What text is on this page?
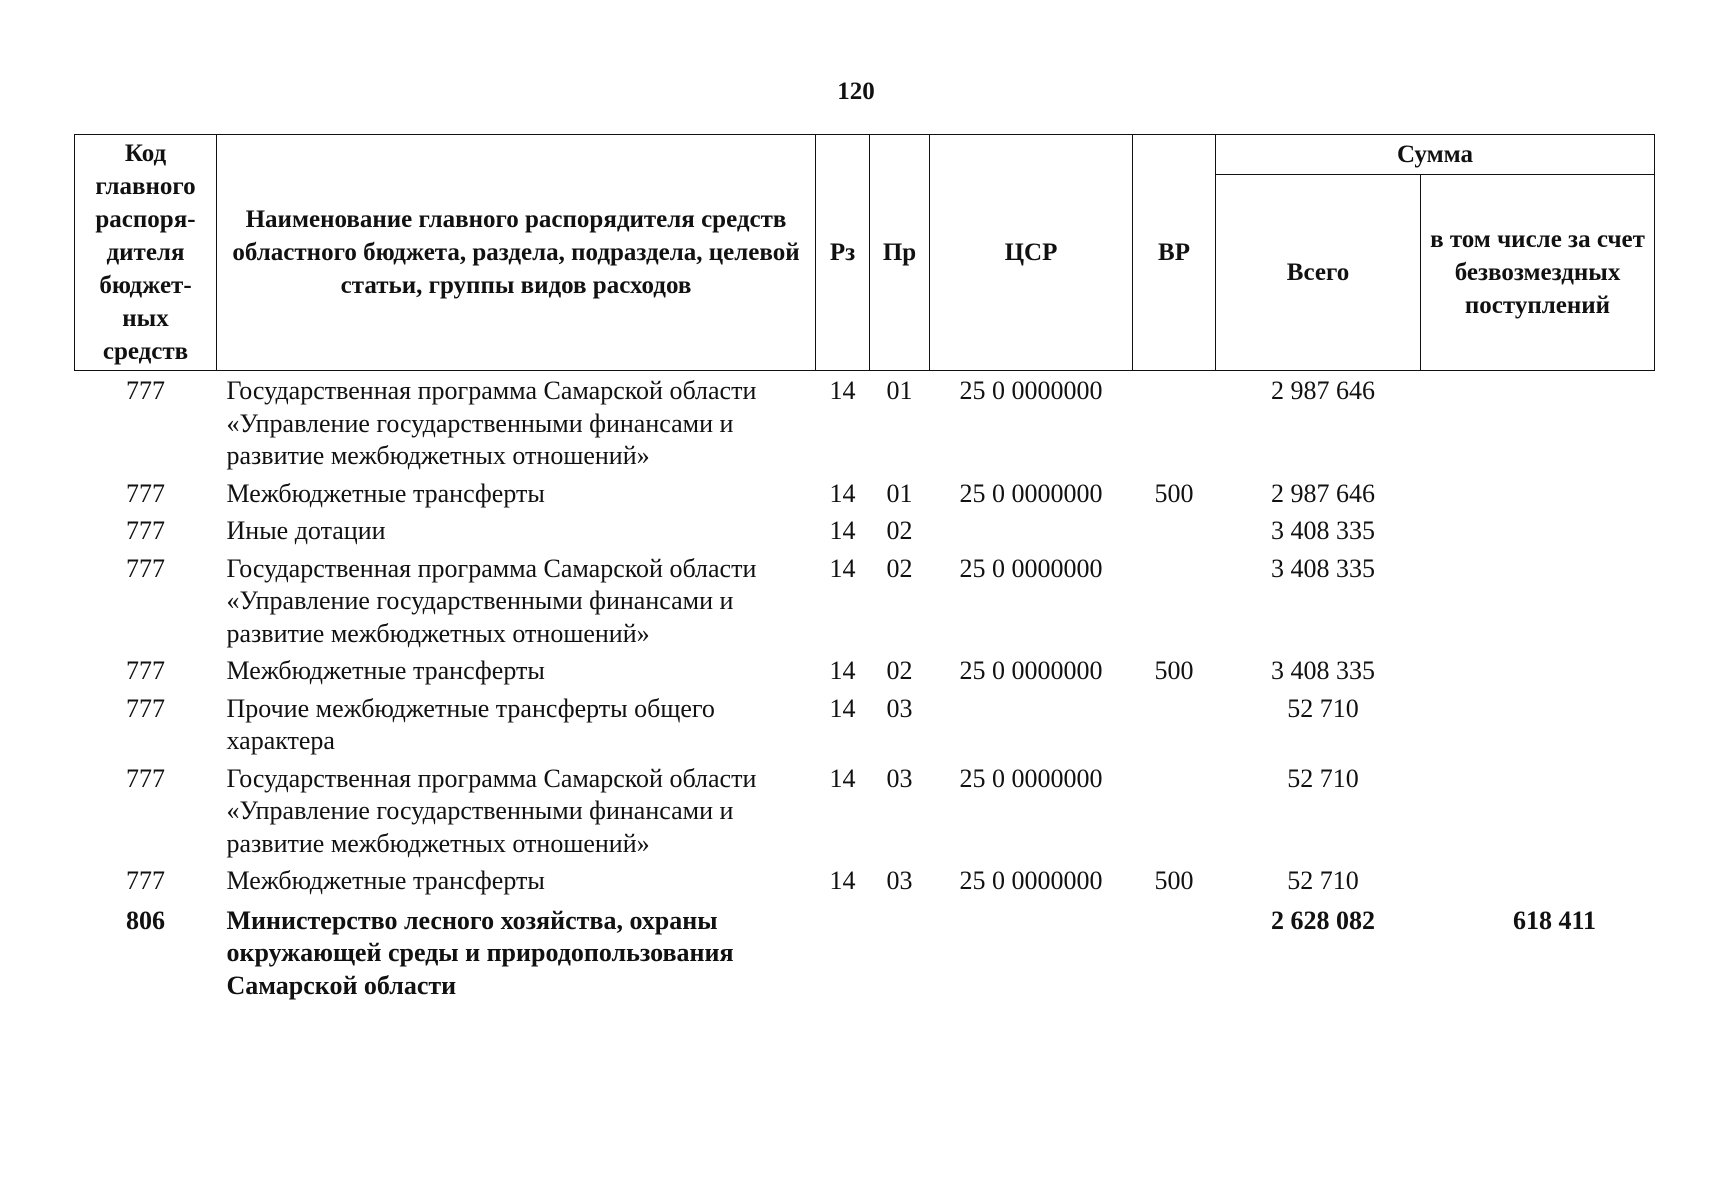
120
Код главного распоря-дителя бюджет-ных средств	Наименование главного распорядителя средств областного бюджета, раздела, подраздела, целевой статьи, группы видов расходов	Рз	Пр	ЦСР	ВР	Сумма	
						Всего	в том числе за счет безвозмездных поступлений
777	Государственная программа Самарской области «Управление государственными финансами и развитие межбюджетных отношений»	14	01	25 0 0000000		2 987 646	
777	Межбюджетные трансферты	14	01	25 0 0000000	500	2 987 646	
777	Иные дотации	14	02			3 408 335	
777	Государственная программа Самарской области «Управление государственными финансами и развитие межбюджетных отношений»	14	02	25 0 0000000		3 408 335	
777	Межбюджетные трансферты	14	02	25 0 0000000	500	3 408 335	
777	Прочие межбюджетные трансферты общего характера	14	03			52 710	
777	Государственная программа Самарской области «Управление государственными финансами и развитие межбюджетных отношений»	14	03	25 0 0000000		52 710	
777	Межбюджетные трансферты	14	03	25 0 0000000	500	52 710	
806	Министерство лесного хозяйства, охраны окружающей среды и природопользования Самарской области					2 628 082	618 411
